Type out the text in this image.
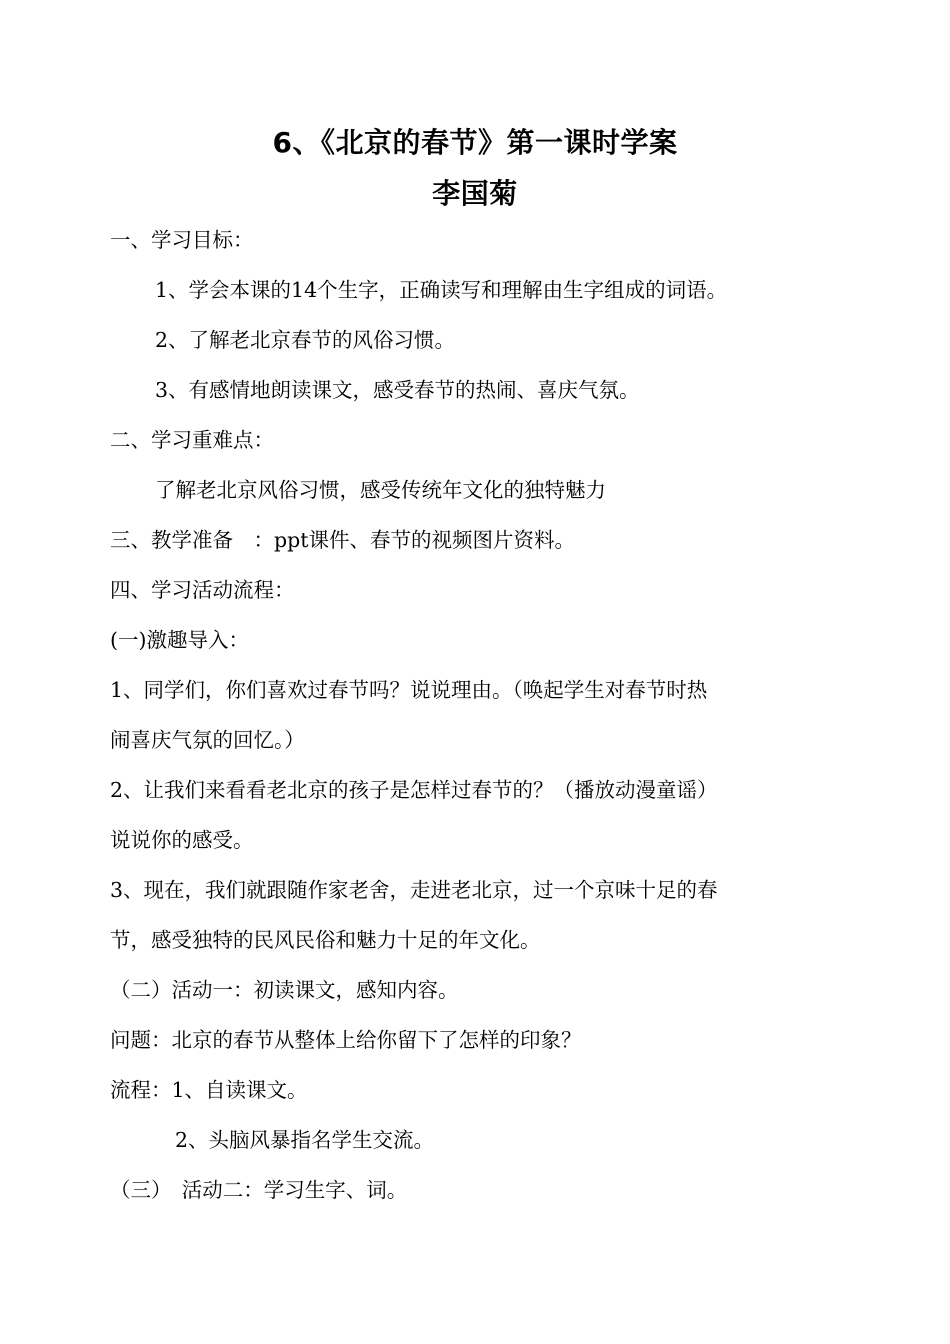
6、《北京的春节》第一课时学案
李国菊

一、学习目标：

1、学会本课的14个生字，正确读写和理解由生字组成的词语。

2、了解老北京春节的风俗习惯。

3、有感情地朗读课文，感受春节的热闹、喜庆气氛。

二、学习重难点：

了解老北京风俗习惯，感受传统年文化的独特魅力

三、教学准备　：ppt课件、春节的视频图片资料。

四、学习活动流程：

(一)激趣导入：

1、同学们，你们喜欢过春节吗？说说理由。（唤起学生对春节时热

闹喜庆气氛的回忆。）

2、让我们来看看老北京的孩子是怎样过春节的？（播放动漫童谣）

说说你的感受。

3、现在，我们就跟随作家老舍，走进老北京，过一个京味十足的春

节，感受独特的民风民俗和魅力十足的年文化。

（二）活动一：初读课文，感知内容。

问题：北京的春节从整体上给你留下了怎样的印象？

流程：1、自读课文。

2、头脑风暴指名学生交流。

（三）　活动二：学习生字、词。
